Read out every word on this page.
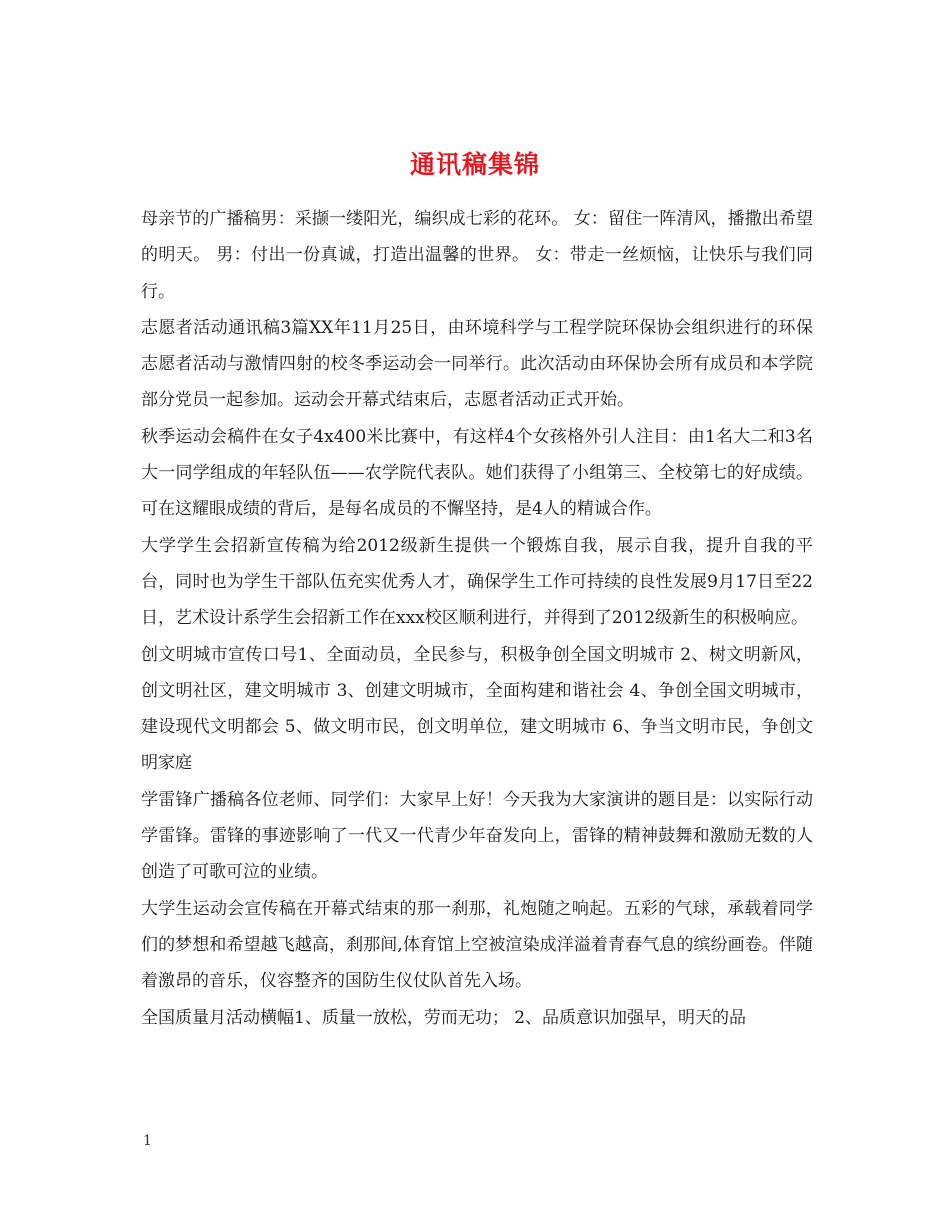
通讯稿集锦

母亲节的广播稿男：采撷一缕阳光，编织成七彩的花环。 女：留住一阵清风，播撒出希望的明天。 男：付出一份真诚，打造出温馨的世界。 女：带走一丝烦恼，让快乐与我们同行。

志愿者活动通讯稿3篇XX年11月25日，由环境科学与工程学院环保协会组织进行的环保志愿者活动与激情四射的校冬季运动会一同举行。此次活动由环保协会所有成员和本学院部分党员一起参加。运动会开幕式结束后，志愿者活动正式开始。

秋季运动会稿件在女子4x400米比赛中，有这样4个女孩格外引人注目：由1名大二和3名大一同学组成的年轻队伍——农学院代表队。她们获得了小组第三、全校第七的好成绩。可在这耀眼成绩的背后，是每名成员的不懈坚持，是4人的精诚合作。

大学学生会招新宣传稿为给2012级新生提供一个锻炼自我，展示自我，提升自我的平台，同时也为学生干部队伍充实优秀人才，确保学生工作可持续的良性发展9月17日至22日，艺术设计系学生会招新工作在xxx校区顺利进行，并得到了2012级新生的积极响应。

创文明城市宣传口号1、全面动员，全民参与，积极争创全国文明城市 2、树文明新风，创文明社区，建文明城市 3、创建文明城市，全面构建和谐社会 4、争创全国文明城市，建设现代文明都会 5、做文明市民，创文明单位，建文明城市 6、争当文明市民，争创文明家庭

学雷锋广播稿各位老师、同学们：大家早上好！今天我为大家演讲的题目是：以实际行动学雷锋。雷锋的事迹影响了一代又一代青少年奋发向上，雷锋的精神鼓舞和激励无数的人创造了可歌可泣的业绩。

大学生运动会宣传稿在开幕式结束的那一刹那，礼炮随之响起。五彩的气球，承载着同学们的梦想和希望越飞越高，刹那间,体育馆上空被渲染成洋溢着青春气息的缤纷画卷。伴随着激昂的音乐，仪容整齐的国防生仪仗队首先入场。

全国质量月活动横幅1、质量一放松，劳而无功； 2、品质意识加强早，明天的品

1
